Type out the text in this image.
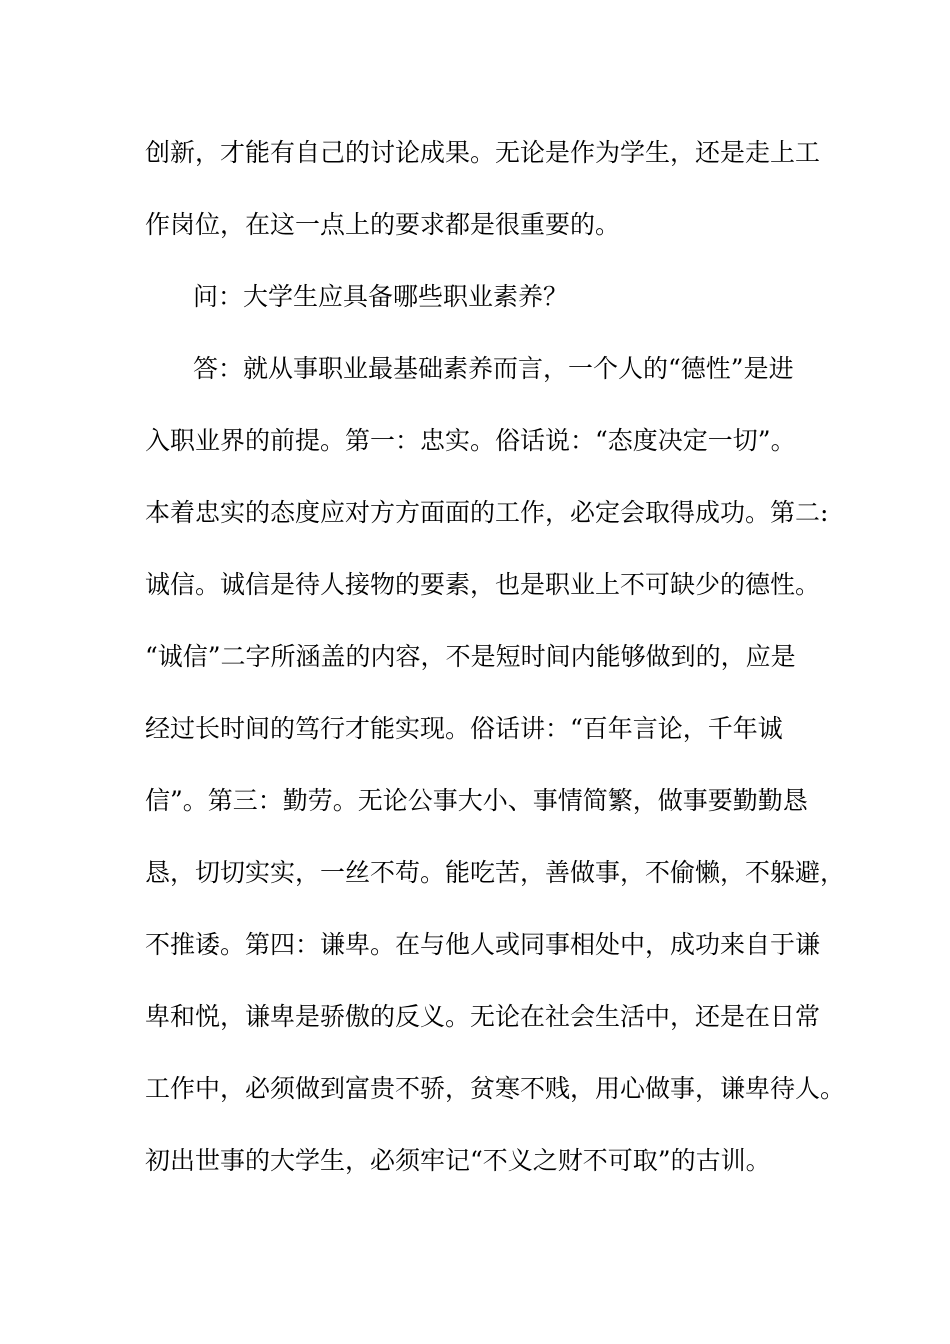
创新，才能有自己的讨论成果。无论是作为学生，还是走上工

作岗位，在这一点上的要求都是很重要的。

问：大学生应具备哪些职业素养？

答：就从事职业最基础素养而言，一个人的“德性”是进

入职业界的前提。第一：忠实。俗话说：“态度决定一切”。

本着忠实的态度应对方方面面的工作，必定会取得成功。第二:

诚信。诚信是待人接物的要素，也是职业上不可缺少的德性。

“诚信”二字所涵盖的内容，不是短时间内能够做到的，应是

经过长时间的笃行才能实现。俗话讲：“百年言论，千年诚

信”。第三：勤劳。无论公事大小、事情简繁，做事要勤勤恳

恳，切切实实，一丝不苟。能吃苦，善做事，不偷懒，不躲避，

不推诿。第四：谦卑。在与他人或同事相处中，成功来自于谦

卑和悦，谦卑是骄傲的反义。无论在社会生活中，还是在日常

工作中，必须做到富贵不骄，贫寒不贱，用心做事，谦卑待人。

初出世事的大学生，必须牢记“不义之财不可取”的古训。
